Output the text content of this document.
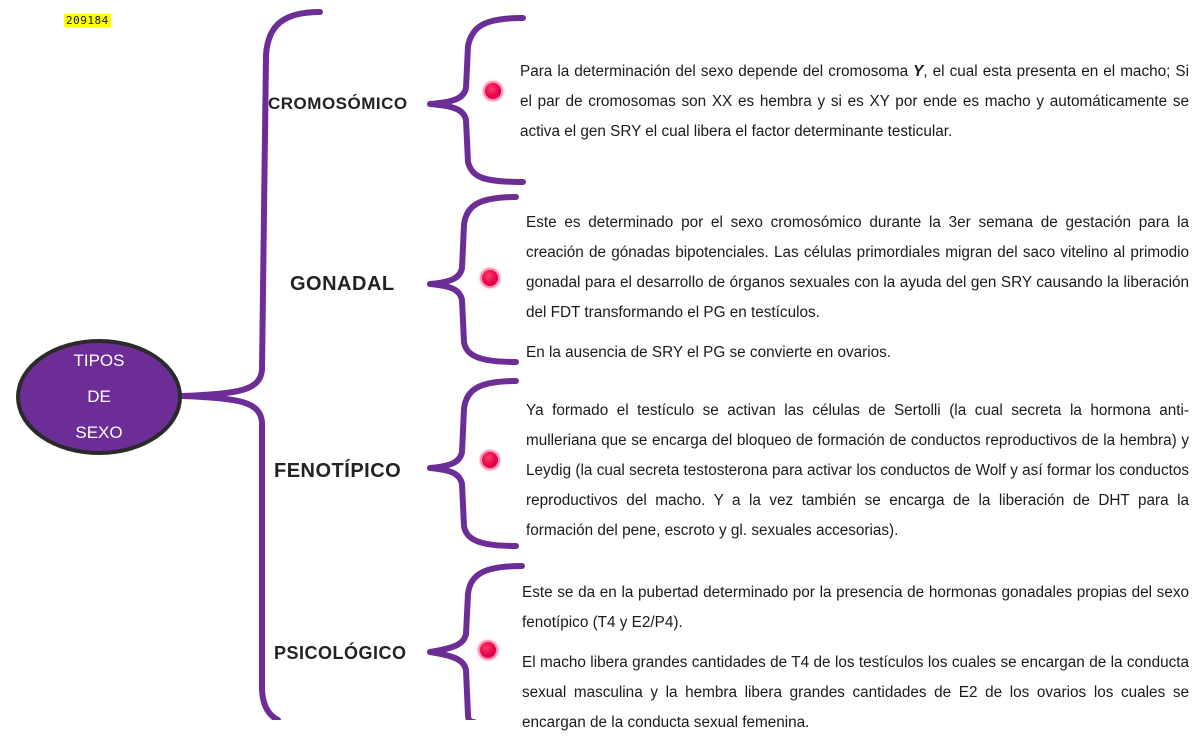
209184
TIPOS
DE
SEXO
CROMOSÓMICO

Para la determinación del sexo depende del cromosoma Y, el cual esta presenta en el macho; Si el par de cromosomas son XX es hembra y si es XY por ende es macho y automáticamente se activa el gen SRY el cual libera el factor determinante testicular.

GONADAL

Este es determinado por el sexo cromosómico durante la 3er semana de gestación para la creación de gónadas bipotenciales. Las células primordiales migran del saco vitelino al primodio gonadal para el desarrollo de órganos sexuales con la ayuda del gen SRY causando la liberación del FDT transformando el PG en testículos.

En la ausencia de SRY el PG se convierte en ovarios.

FENOTÍPICO

Ya formado el testículo se activan las células de Sertolli (la cual secreta la hormona anti-mulleriana que se encarga del bloqueo de formación de conductos reproductivos de la hembra) y Leydig (la cual secreta testosterona para activar los conductos de Wolf y así formar los conductos reproductivos del macho. Y a la vez también se encarga de la liberación de DHT para la formación del pene, escroto y gl. sexuales accesorias).

PSICOLÓGICO

Este se da en la pubertad determinado por la presencia de hormonas gonadales propias del sexo fenotípico (T4 y E2/P4).

El macho libera grandes cantidades de T4 de los testículos los cuales se encargan de la conducta sexual masculina y la hembra libera grandes cantidades de E2 de los ovarios los cuales se encargan de la conducta sexual femenina.
